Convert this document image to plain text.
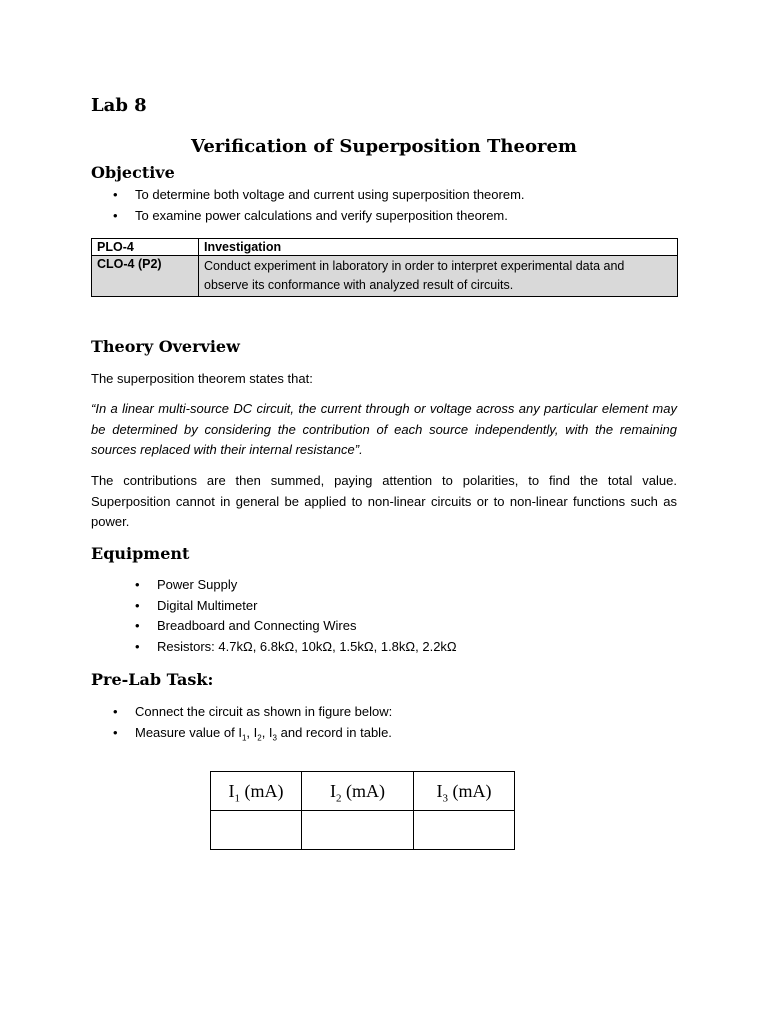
Lab 8
Verification of Superposition Theorem
Objective
• To determine both voltage and current using superposition theorem.
• To examine power calculations and verify superposition theorem.
PLO-4	Investigation
CLO-4 (P2)	Conduct experiment in laboratory in order to interpret experimental data and observe its conformance with analyzed result of circuits.
Theory Overview
The superposition theorem states that:
“In a linear multi-source DC circuit, the current through or voltage across any particular element may be determined by considering the contribution of each source independently, with the remaining sources replaced with their internal resistance”.
The contributions are then summed, paying attention to polarities, to find the total value. Superposition cannot in general be applied to non-linear circuits or to non-linear functions such as power.
Equipment
• Power Supply
• Digital Multimeter
• Breadboard and Connecting Wires
• Resistors: 4.7kΩ, 6.8kΩ, 10kΩ, 1.5kΩ, 1.8kΩ, 2.2kΩ
Pre-Lab Task:
• Connect the circuit as shown in figure below:
• Measure value of $I_1$, $I_2$, $I_3$ and record in table.
$I_1$ (mA)	$I_2$ (mA)	$I_3$ (mA)
